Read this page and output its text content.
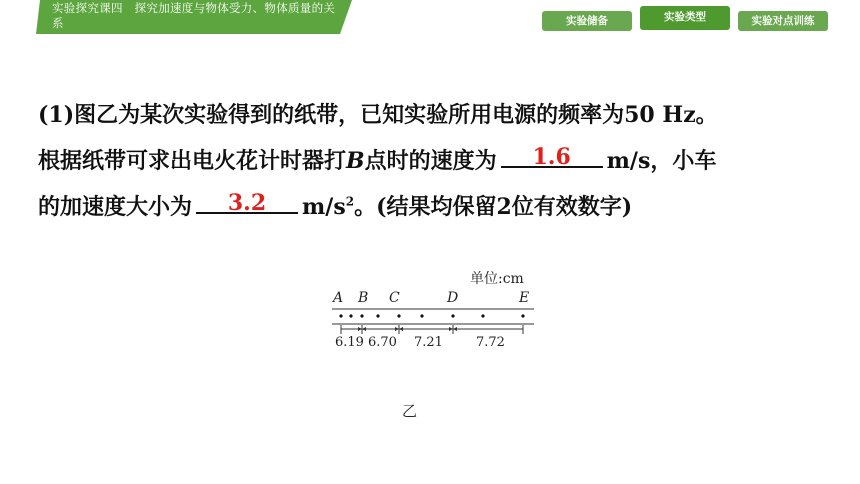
实验探究课四　探究加速度与物体受力、物体质量的关系	实验储备	实验类型	实验对点训练
(1)图乙为某次实验得到的纸带，已知实验所用电源的频率为50 Hz。
根据纸带可求出电火花计时器打B点时的速度为	1.6	m/s，小车
的加速度大小为	3.2	$m/s^2$。(结果均保留2位有效数字)
单位:cm
A B C	D	E
6.19 6.70 7.21	7.72
乙
